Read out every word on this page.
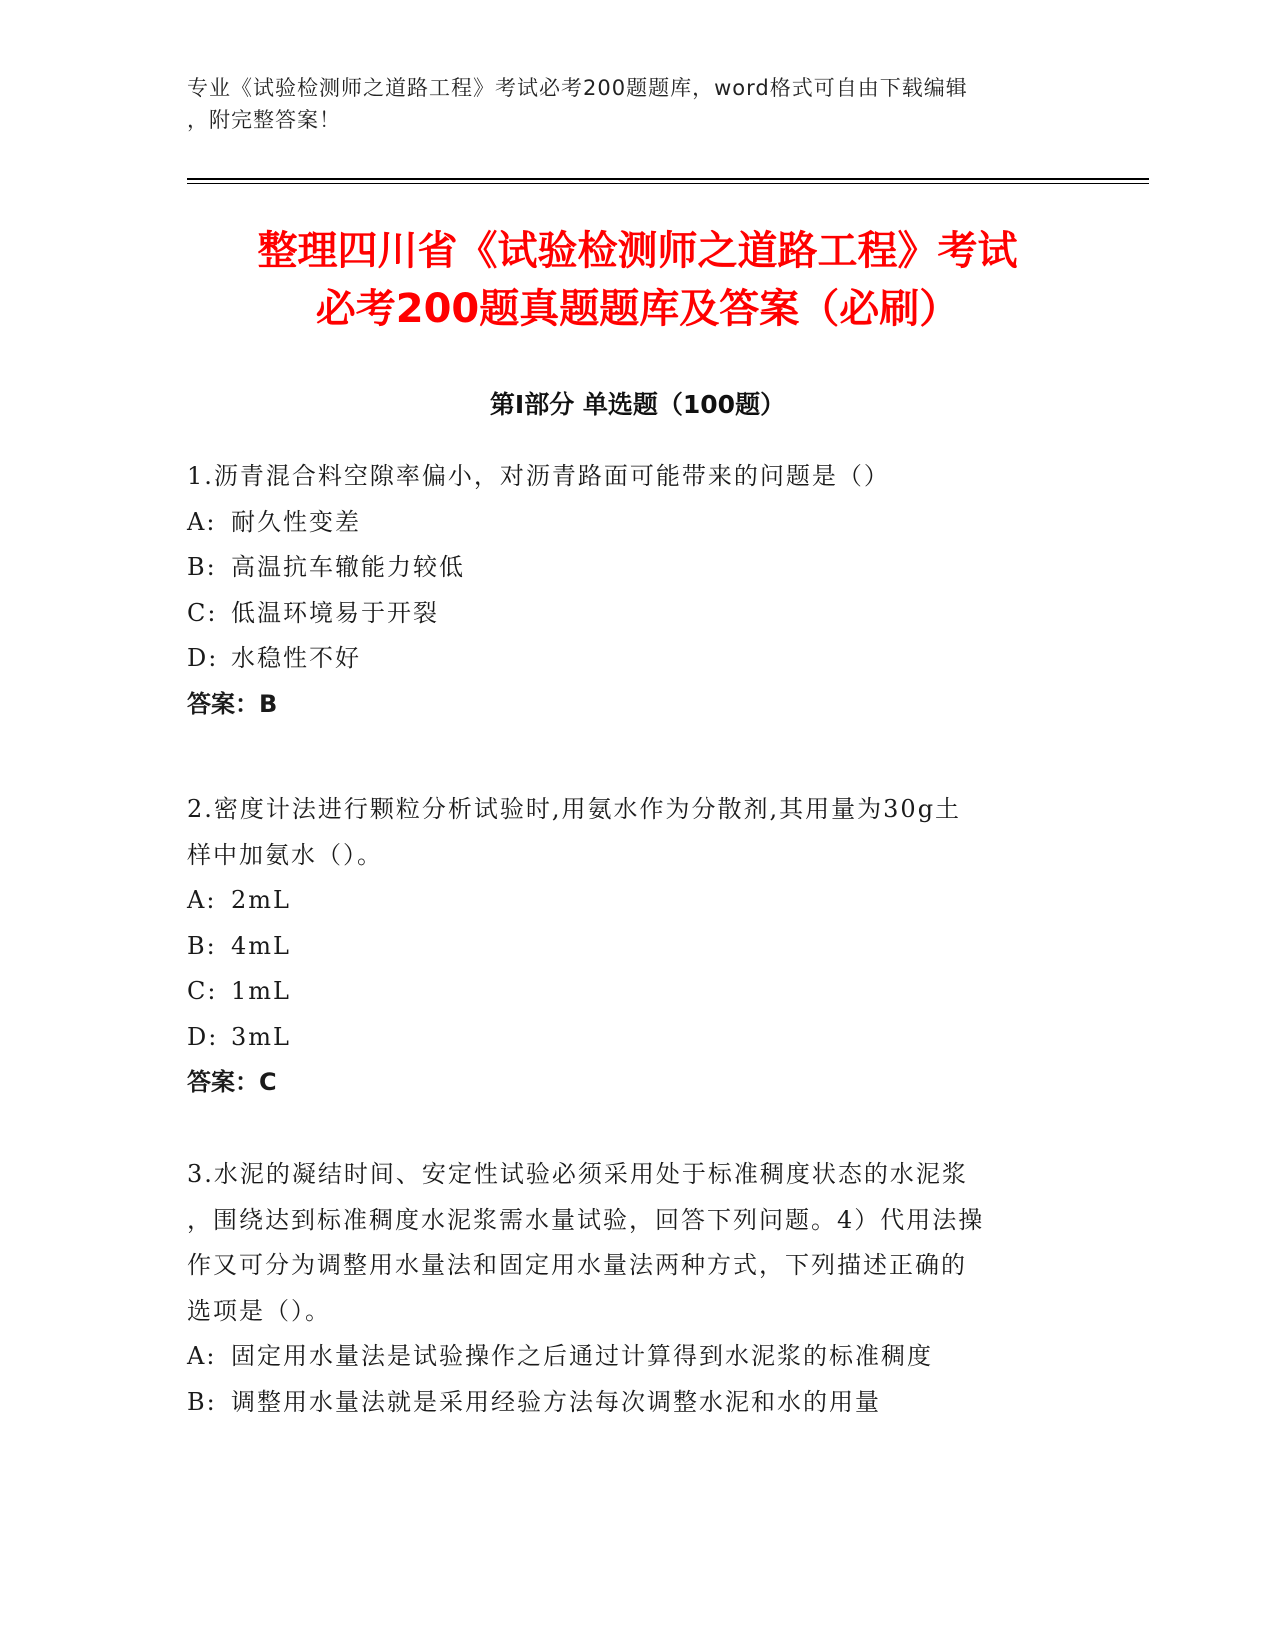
专业《试验检测师之道路工程》考试必考200题题库，word格式可自由下载编辑
，附完整答案！
整理四川省《试验检测师之道路工程》考试
必考200题真题题库及答案（必刷）
第I部分 单选题（100题）
1.沥青混合料空隙率偏小，对沥青路面可能带来的问题是（）
A: 耐久性变差
B: 高温抗车辙能力较低
C: 低温环境易于开裂
D: 水稳性不好
答案：B
2.密度计法进行颗粒分析试验时,用氨水作为分散剂,其用量为30g土
样中加氨水（）。
A: 2mL
B: 4mL
C: 1mL
D: 3mL
答案：C
3.水泥的凝结时间、安定性试验必须采用处于标准稠度状态的水泥浆
，围绕达到标准稠度水泥浆需水量试验，回答下列问题。4）代用法操
作又可分为调整用水量法和固定用水量法两种方式，下列描述正确的
选项是（）。
A: 固定用水量法是试验操作之后通过计算得到水泥浆的标准稠度
B: 调整用水量法就是采用经验方法每次调整水泥和水的用量
